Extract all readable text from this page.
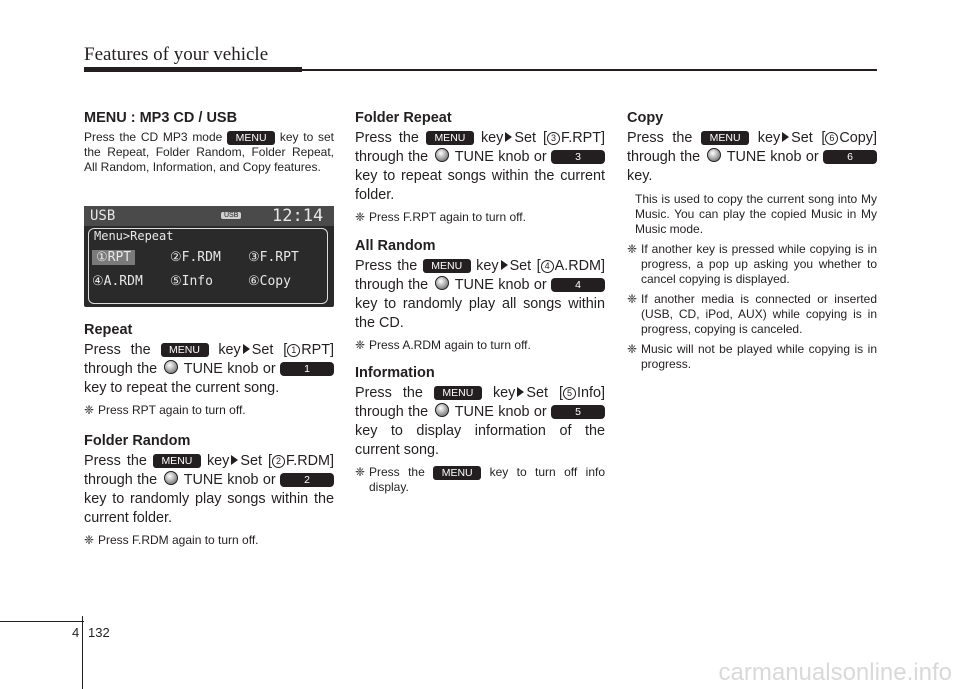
Features of your vehicle
MENU : MP3 CD / USB

Press the CD MP3 mode MENU key to set the Repeat, Folder Random, Folder Repeat, All Random, Information, and Copy features.

USB	USB 12:14
Menu>Repeat
①RPT	②F.RDM ③F.RPT
④A.RDM ⑤Info	⑥Copy
Repeat

Press the MENU key Set [ 1 RPT] through the TUNE knob or	1 key to repeat the current song.

❈ Press RPT again to turn off.
Folder Random

Press the MENU key Set [ 2 F.RDM] through the TUNE knob or	2 key to randomly play songs within the current folder.

❈ Press F.RDM again to turn off.
Folder Repeat

Press the MENU key Set [ 3 F.RPT] through the TUNE knob or	3 key to repeat songs within the current folder.

❈ Press F.RPT again to turn off.
All Random

Press the MENU key Set [ 4 A.RDM] through the TUNE knob or	4 key to randomly play all songs within the CD.

❈ Press A.RDM again to turn off.
Information

Press the MENU key Set [ 5 Info] through the TUNE knob or	5 key to display information of the current song.

❈ Press the MENU key to turn off info display.
Copy

Press the MENU key Set [ 6 Copy] through the TUNE knob or	6 key.

This is used to copy the current song into My Music. You can play the copied Music in My Music mode.

❈ If another key is pressed while copying is in progress, a pop up asking you whether to cancel copying is displayed.
❈ If another media is connected or inserted (USB, CD, iPod, AUX) while copying is in progress, copying is canceled.
❈ Music will not be played while copying is in progress.
4 132
carmanualsonline.info
